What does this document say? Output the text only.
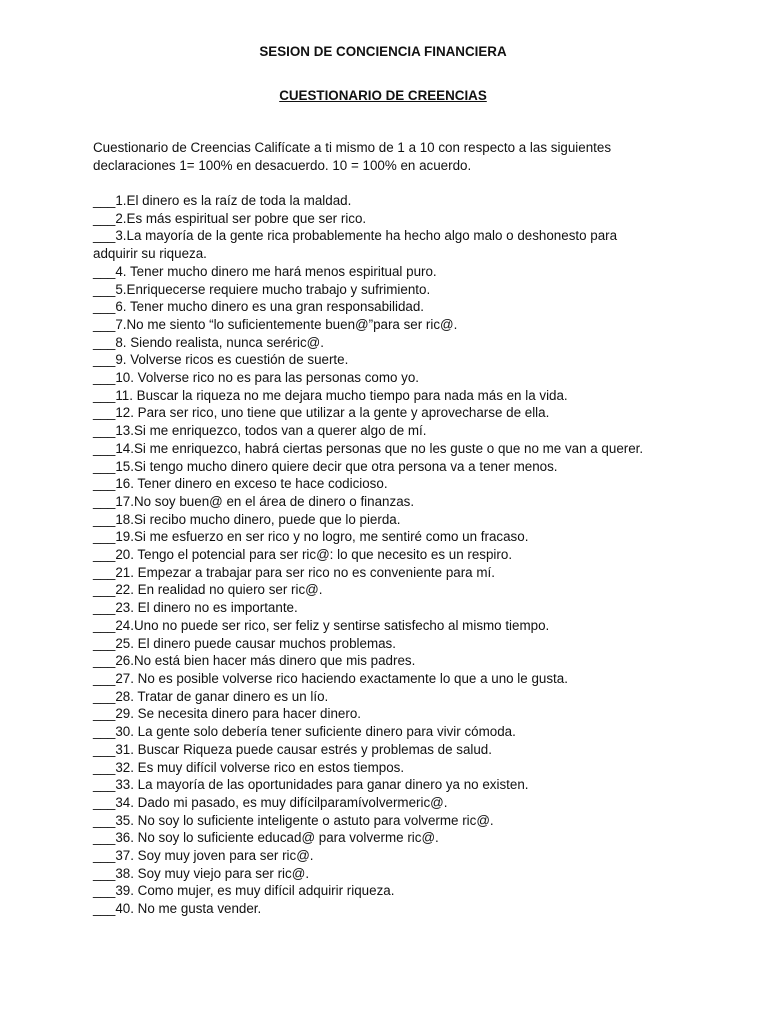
SESION DE CONCIENCIA FINANCIERA
CUESTIONARIO DE CREENCIAS

Cuestionario de Creencias Califícate a ti mismo de 1 a 10 con respecto a las siguientes declaraciones 1= 100% en desacuerdo. 10 = 100% en acuerdo.

___1.El dinero es la raíz de toda la maldad.
___2.Es más espiritual ser pobre que ser rico.
___3.La mayoría de la gente rica probablemente ha hecho algo malo o deshonesto para adquirir su riqueza.
___4. Tener mucho dinero me hará menos espiritual puro.
___5.Enriquecerse requiere mucho trabajo y sufrimiento.
___6. Tener mucho dinero es una gran responsabilidad.
___7.No me siento “lo suficientemente buen@”para ser ric@.
___8. Siendo realista, nunca seréric@.
___9. Volverse ricos es cuestión de suerte.
___10. Volverse rico no es para las personas como yo.
___11. Buscar la riqueza no me dejara mucho tiempo para nada más en la vida.
___12. Para ser rico, uno tiene que utilizar a la gente y aprovecharse de ella.
___13.Si me enriquezco, todos van a querer algo de mí.
___14.Si me enriquezco, habrá ciertas personas que no les guste o que no me van a querer.
___15.Si tengo mucho dinero quiere decir que otra persona va a tener menos.
___16. Tener dinero en exceso te hace codicioso.
___17.No soy buen@ en el área de dinero o finanzas.
___18.Si recibo mucho dinero, puede que lo pierda.
___19.Si me esfuerzo en ser rico y no logro, me sentiré como un fracaso.
___20. Tengo el potencial para ser ric@: lo que necesito es un respiro.
___21. Empezar a trabajar para ser rico no es conveniente para mí.
___22. En realidad no quiero ser ric@.
___23. El dinero no es importante.
___24.Uno no puede ser rico, ser feliz y sentirse satisfecho al mismo tiempo.
___25. El dinero puede causar muchos problemas.
___26.No está bien hacer más dinero que mis padres.
___27. No es posible volverse rico haciendo exactamente lo que a uno le gusta.
___28. Tratar de ganar dinero es un lío.
___29. Se necesita dinero para hacer dinero.
___30. La gente solo debería tener suficiente dinero para vivir cómoda.
___31. Buscar Riqueza puede causar estrés y problemas de salud.
___32. Es muy difícil volverse rico en estos tiempos.
___33. La mayoría de las oportunidades para ganar dinero ya no existen.
___34. Dado mi pasado, es muy difícilparamívolvermeric@.
___35. No soy lo suficiente inteligente o astuto para volverme ric@.
___36. No soy lo suficiente educad@ para volverme ric@.
___37. Soy muy joven para ser ric@.
___38. Soy muy viejo para ser ric@.
___39. Como mujer, es muy difícil adquirir riqueza.
___40. No me gusta vender.
